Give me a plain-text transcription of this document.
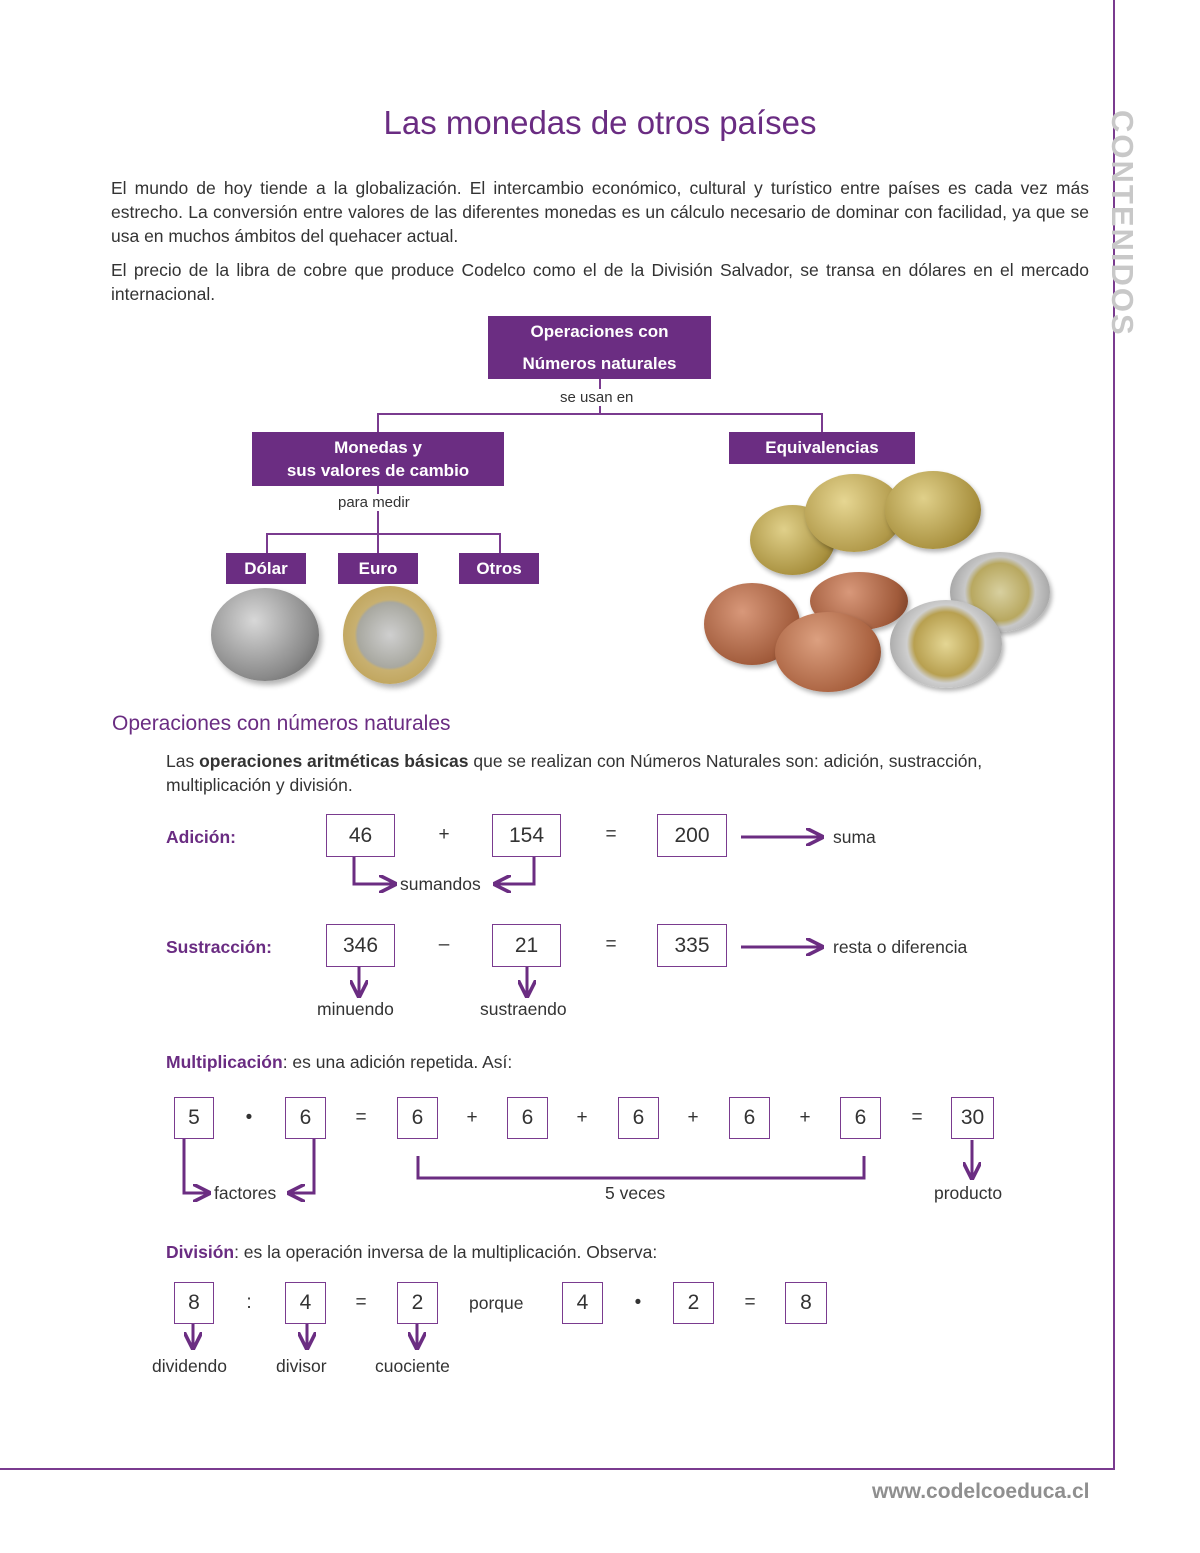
CONTENIDOS
www.codelcoeduca.cl
Las monedas de otros países

El mundo de hoy tiende a la globalización. El intercambio económico, cultural y turístico entre países es cada vez más estrecho. La conversión entre valores de las diferentes monedas es un cálculo necesario de dominar con facilidad, ya que se usa en muchos ámbitos del quehacer actual.

El precio de la libra de cobre que produce Codelco como el de la División Salvador, se transa en dólares en el mercado internacional.

Operaciones con
Números naturales
se usan en
Monedas y
sus valores de cambio
Equivalencias
para medir
Dólar	Euro	Otros
Operaciones con números naturales

Las operaciones aritméticas básicas que se realizan con Números Naturales son: adición, sustracción, multiplicación y división.

Adición:	46	+	154	=	200	suma
sumandos
Sustracción:	346	–	21	=	335	resta o diferencia
minuendo	sustraendo
Multiplicación: es una adición repetida. Así:
5	•	6	=	6	+	6	+	6	+	6	+	6	=	30
factores	5 veces	producto
División: es la operación inversa de la multiplicación. Observa:
8	:	4	=	2	porque	4	•	2	=	8
dividendo	divisor	cuociente
